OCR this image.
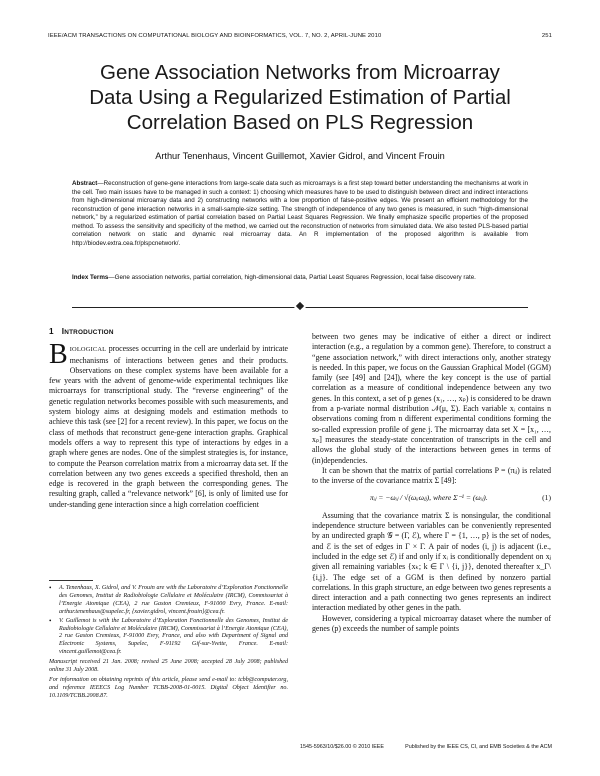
IEEE/ACM TRANSACTIONS ON COMPUTATIONAL BIOLOGY AND BIOINFORMATICS, VOL. 7, NO. 2, APRIL-JUNE 2010	251
Gene Association Networks from Microarray
Data Using a Regularized Estimation of Partial
Correlation Based on PLS Regression
Arthur Tenenhaus, Vincent Guillemot, Xavier Gidrol, and Vincent Frouin
Abstract—Reconstruction of gene-gene interactions from large-scale data such as microarrays is a first step toward better understanding the mechanisms at work in the cell. Two main issues have to be managed in such a context: 1) choosing which measures have to be used to distinguish between direct and indirect interactions from high-dimensional microarray data and 2) constructing networks with a low proportion of false-positive edges. We present an efficient methodology for the reconstruction of gene interaction networks in a small-sample-size setting. The strength of independence of any two genes is measured, in such “high-dimensional network,” by a regularized estimation of partial correlation based on Partial Least Squares Regression. We finally emphasize specific properties of the proposed method. To assess the sensitivity and specificity of the method, we carried out the reconstruction of networks from simulated data. We also tested PLS-based partial correlation network on static and dynamic real microarray data. An R implementation of the proposed algorithm is available from http://biodev.extra.cea.fr/plspcnetwork/.
Index Terms—Gene association networks, partial correlation, high-dimensional data, Partial Least Squares Regression, local false discovery rate.
1 INTRODUCTION

BIOLOGICAL processes occurring in the cell are underlaid by intricate mechanisms of interactions between genes and their products. Observations on these complex systems have been available for a few years with the advent of genome-wide experimental techniques like microarrays for transcriptional study. The “reverse engineering” of the genetic regulation networks becomes possible with such measurements, and system biology aims at designing models and estimation methods to achieve this task (see [2] for a recent review). In this paper, we focus on the class of methods that reconstruct gene-gene interaction graphs. Graphical models offers a way to represent this type of interactions by edges in a graph where genes are nodes. One of the simplest strategies is, for instance, to compute the Pearson correlation matrix from a microarray data set. If the correlation between any two genes exceeds a specified threshold, then an edge is recovered in the graph between the corresponding genes. The resulting graph, called a “relevance network” [6], is only of limited use for under-standing gene interaction since a high correlation coefficient

between two genes may be indicative of either a direct or indirect interaction (e.g., a regulation by a common gene). Therefore, to construct a “gene association network,” with direct interactions only, another strategy is needed. In this paper, we focus on the Gaussian Graphical Model (GGM) family (see [49] and [24]), where the key concept is the use of partial correlation as a measure of conditional independence between any two genes. In this context, a set of p genes (x₁, …, xₚ) is considered to be drawn from a p-variate normal distribution 𝒩(μ, Σ). Each variable xᵢ contains n observations coming from n different experimental conditions forming the so-called expression profile of gene j. The microarray data set X = [x₁, …, xₚ] measures the steady-state concentration of transcripts in the cell and allows the global study of the interactions between genes in terms of (in)dependencies.

It can be shown that the matrix of partial correlations P = (πᵢⱼ) is related to the inverse of the covariance matrix Σ [49]:

πᵢⱼ = −ωᵢⱼ / √(ωᵢᵢωⱼⱼ), where Σ⁻¹ = (ωᵢⱼ).	(1)

Assuming that the covariance matrix Σ is nonsingular, the conditional independence structure between variables can be conveniently represented by an undirected graph 𝒢 = (Γ, ℰ), where Γ = {1, …, p} is the set of nodes, and ℰ is the set of edges in Γ × Γ. A pair of nodes (i, j) is adjacent (i.e., included in the edge set ℰ) if and only if xᵢ is conditionally dependent on xⱼ given all remaining variables {xₖ; k ∈ Γ \ {i, j}}, denoted thereafter x_Γ\{i,j}. The edge set of a GGM is then defined by nonzero partial correlations. In this graph structure, an edge between two genes represents a direct interaction and a path connecting two genes represents an indirect interaction mediated by other genes in the path.

However, considering a typical microarray dataset where the number of genes (p) exceeds the number of sample points

• A. Tenenhaus, X. Gidrol, and V. Frouin are with the Laboratoire d’Exploration Fonctionnelle des Genomes, Institut de Radiobiologie Cellulaire et Moléculaire (IRCM), Commissariat à l’Energie Atomique (CEA), 2 rue Gaston Cremieux, F-91000 Evry, France. E-mail: arthur.tenenhaus@supelec.fr, {xavier.gidrol, vincent.frouin}@cea.fr.
• V. Guillemot is with the Laboratoire d’Exploration Fonctionnelle des Genomes, Institut de Radiobiologie Cellulaire et Moléculaire (IRCM), Commissariat à l’Energie Atomique (CEA), 2 rue Gaston Cremieux, F-91000 Evry, France, and also with Department of Signal and Electronic Systems, Supelec, F-91192 Gif-sur-Yvette, France. E-mail: vincent.guillemot@cea.fr.
Manuscript received 21 Jan. 2008; revised 25 June 2008; accepted 28 July 2008; published online 31 July 2008.
For information on obtaining reprints of this article, please send e-mail to: tcbb@computer.org, and reference IEEECS Log Number TCBB-2008-01-0015. Digital Object Identifier no. 10.1109/TCBB.2008.87.
1545-5963/10/$26.00 © 2010 IEEE	Published by the IEEE CS, CI, and EMB Societies & the ACM
